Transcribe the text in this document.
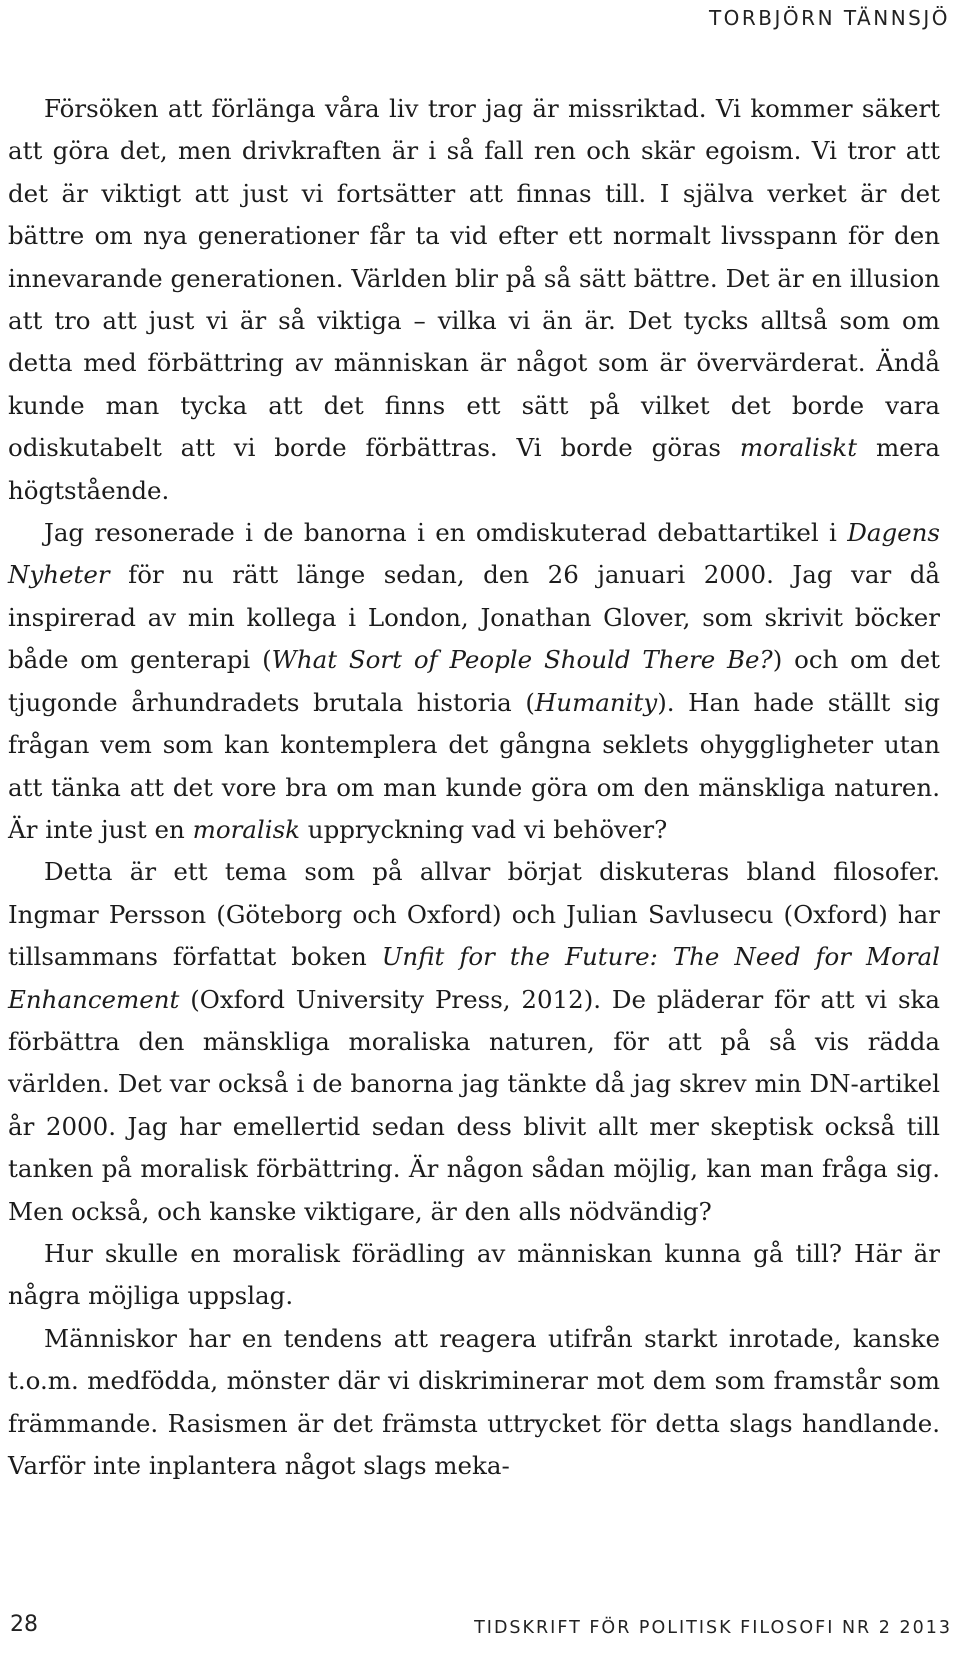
TORBJÖRN TÄNNSJÖ

Försöken att förlänga våra liv tror jag är missriktad. Vi kommer säkert att göra det, men drivkraften är i så fall ren och skär egoism. Vi tror att det är viktigt att just vi fortsätter att finnas till. I själva verket är det bättre om nya generationer får ta vid efter ett normalt livsspann för den innevarande generationen. Världen blir på så sätt bättre. Det är en illusion att tro att just vi är så viktiga – vilka vi än är. Det tycks alltså som om detta med förbättring av människan är något som är övervärderat. Ändå kunde man tycka att det finns ett sätt på vilket det borde vara odiskutabelt att vi borde förbättras. Vi borde göras moraliskt mera högtstående.

Jag resonerade i de banorna i en omdiskuterad debattartikel i Dagens Nyheter för nu rätt länge sedan, den 26 januari 2000. Jag var då inspirerad av min kollega i London, Jonathan Glover, som skrivit böcker både om genterapi (What Sort of People Should There Be?) och om det tjugonde århundradets brutala historia (Humanity). Han hade ställt sig frågan vem som kan kontemplera det gångna seklets ohyggligheter utan att tänka att det vore bra om man kunde göra om den mänskliga naturen. Är inte just en moralisk uppryckning vad vi behöver?

Detta är ett tema som på allvar börjat diskuteras bland filosofer. Ingmar Persson (Göteborg och Oxford) och Julian Savlusecu (Oxford) har tillsammans författat boken Unfit for the Future: The Need for Moral Enhancement (Oxford University Press, 2012). De pläderar för att vi ska förbättra den mänskliga moraliska naturen, för att på så vis rädda världen. Det var också i de banorna jag tänkte då jag skrev min DN-artikel år 2000. Jag har emellertid sedan dess blivit allt mer skeptisk också till tanken på moralisk förbättring. Är någon sådan möjlig, kan man fråga sig. Men också, och kanske viktigare, är den alls nödvändig?

Hur skulle en moralisk förädling av människan kunna gå till? Här är några möjliga uppslag.

Människor har en tendens att reagera utifrån starkt inrotade, kanske t.o.m. medfödda, mönster där vi diskriminerar mot dem som framstår som främmande. Rasismen är det främsta uttrycket för detta slags handlande. Varför inte inplantera något slags meka-

28	TIDSKRIFT FÖR POLITISK FILOSOFI NR 2 2013
